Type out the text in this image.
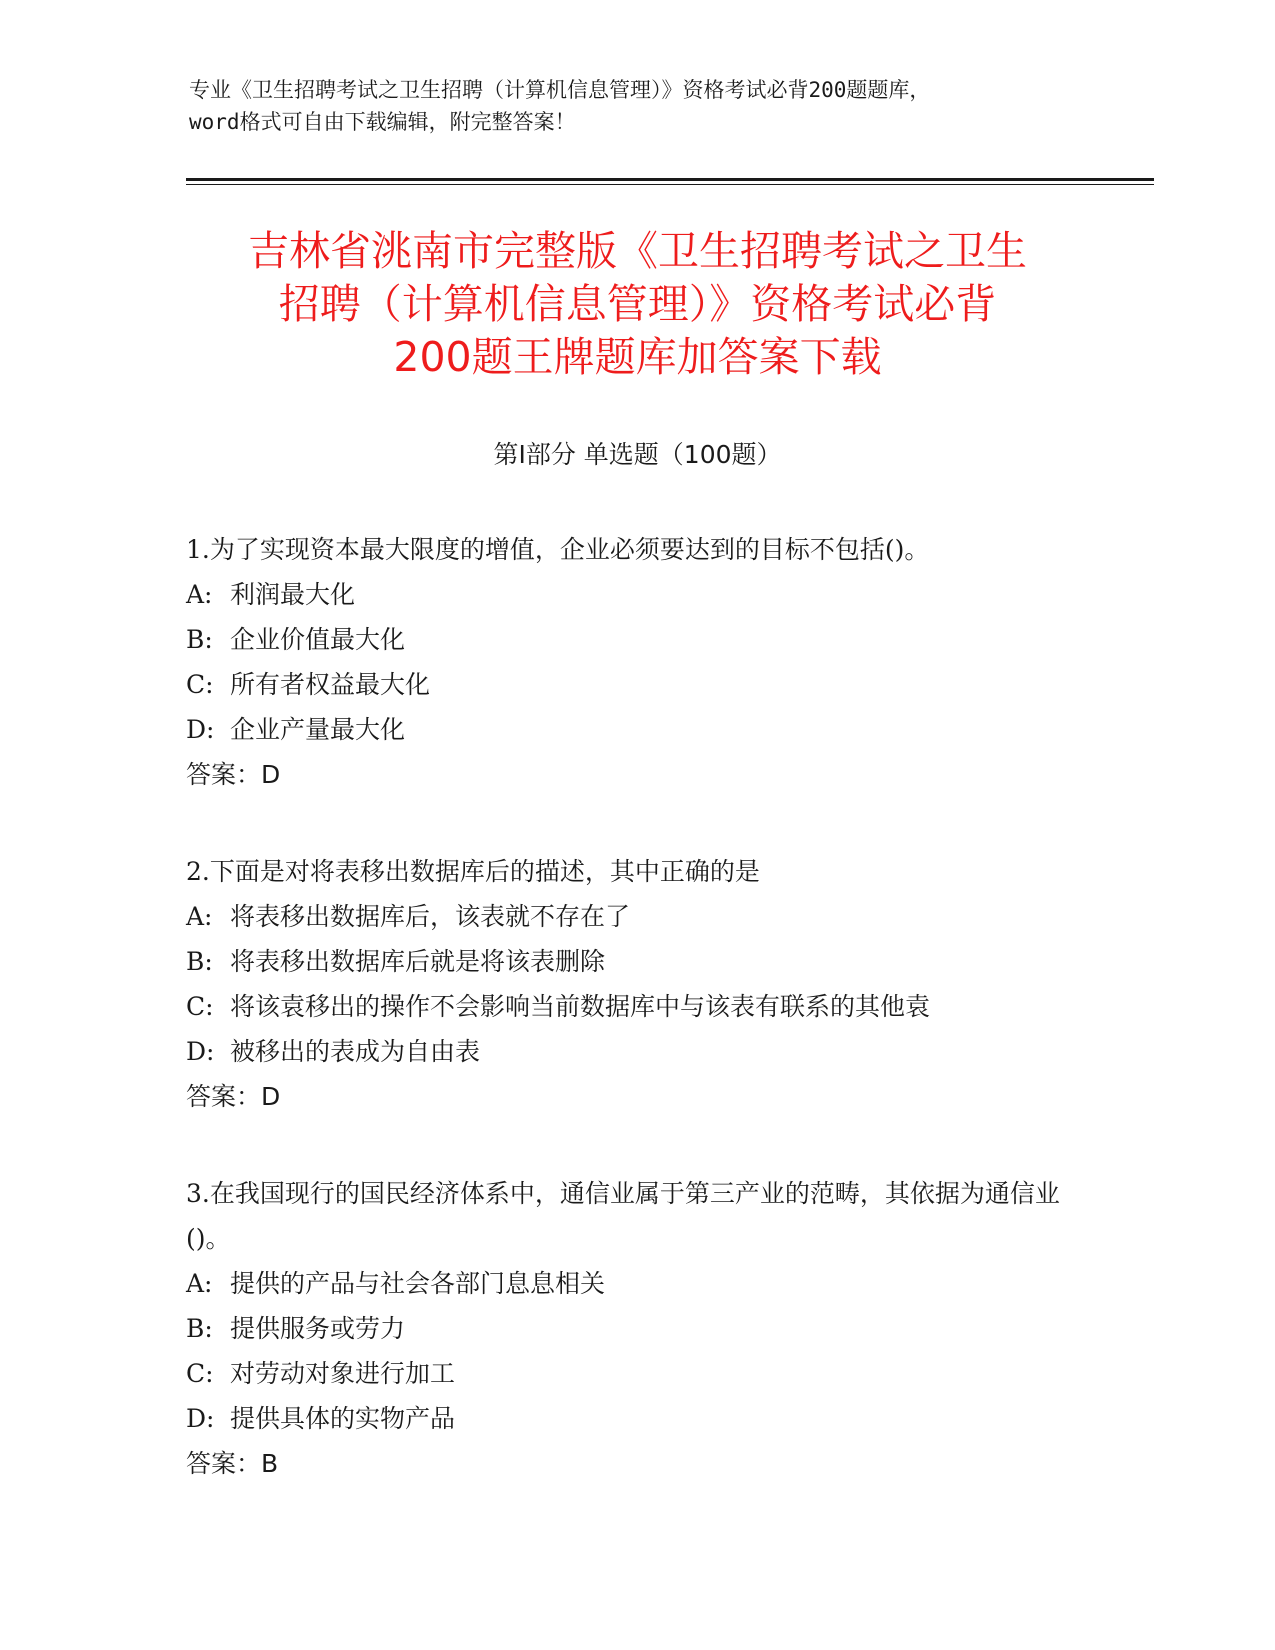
专业《卫生招聘考试之卫生招聘（计算机信息管理）》资格考试必背200题题库，
word格式可自由下载编辑，附完整答案！
吉林省洮南市完整版《卫生招聘考试之卫生
招聘（计算机信息管理）》资格考试必背
200题王牌题库加答案下载
第Ⅰ部分 单选题（100题）
1.为了实现资本最大限度的增值，企业必须要达到的目标不包括()。
A: 利润最大化
B: 企业价值最大化
C: 所有者权益最大化
D: 企业产量最大化
答案：D
2.下面是对将表移出数据库后的描述，其中正确的是
A: 将表移出数据库后，该表就不存在了
B: 将表移出数据库后就是将该表删除
C: 将该袁移出的操作不会影响当前数据库中与该表有联系的其他袁
D: 被移出的表成为自由表
答案：D
3.在我国现行的国民经济体系中，通信业属于第三产业的范畴，其依据为通信业()。
A: 提供的产品与社会各部门息息相关
B: 提供服务或劳力
C: 对劳动对象进行加工
D: 提供具体的实物产品
答案：B
